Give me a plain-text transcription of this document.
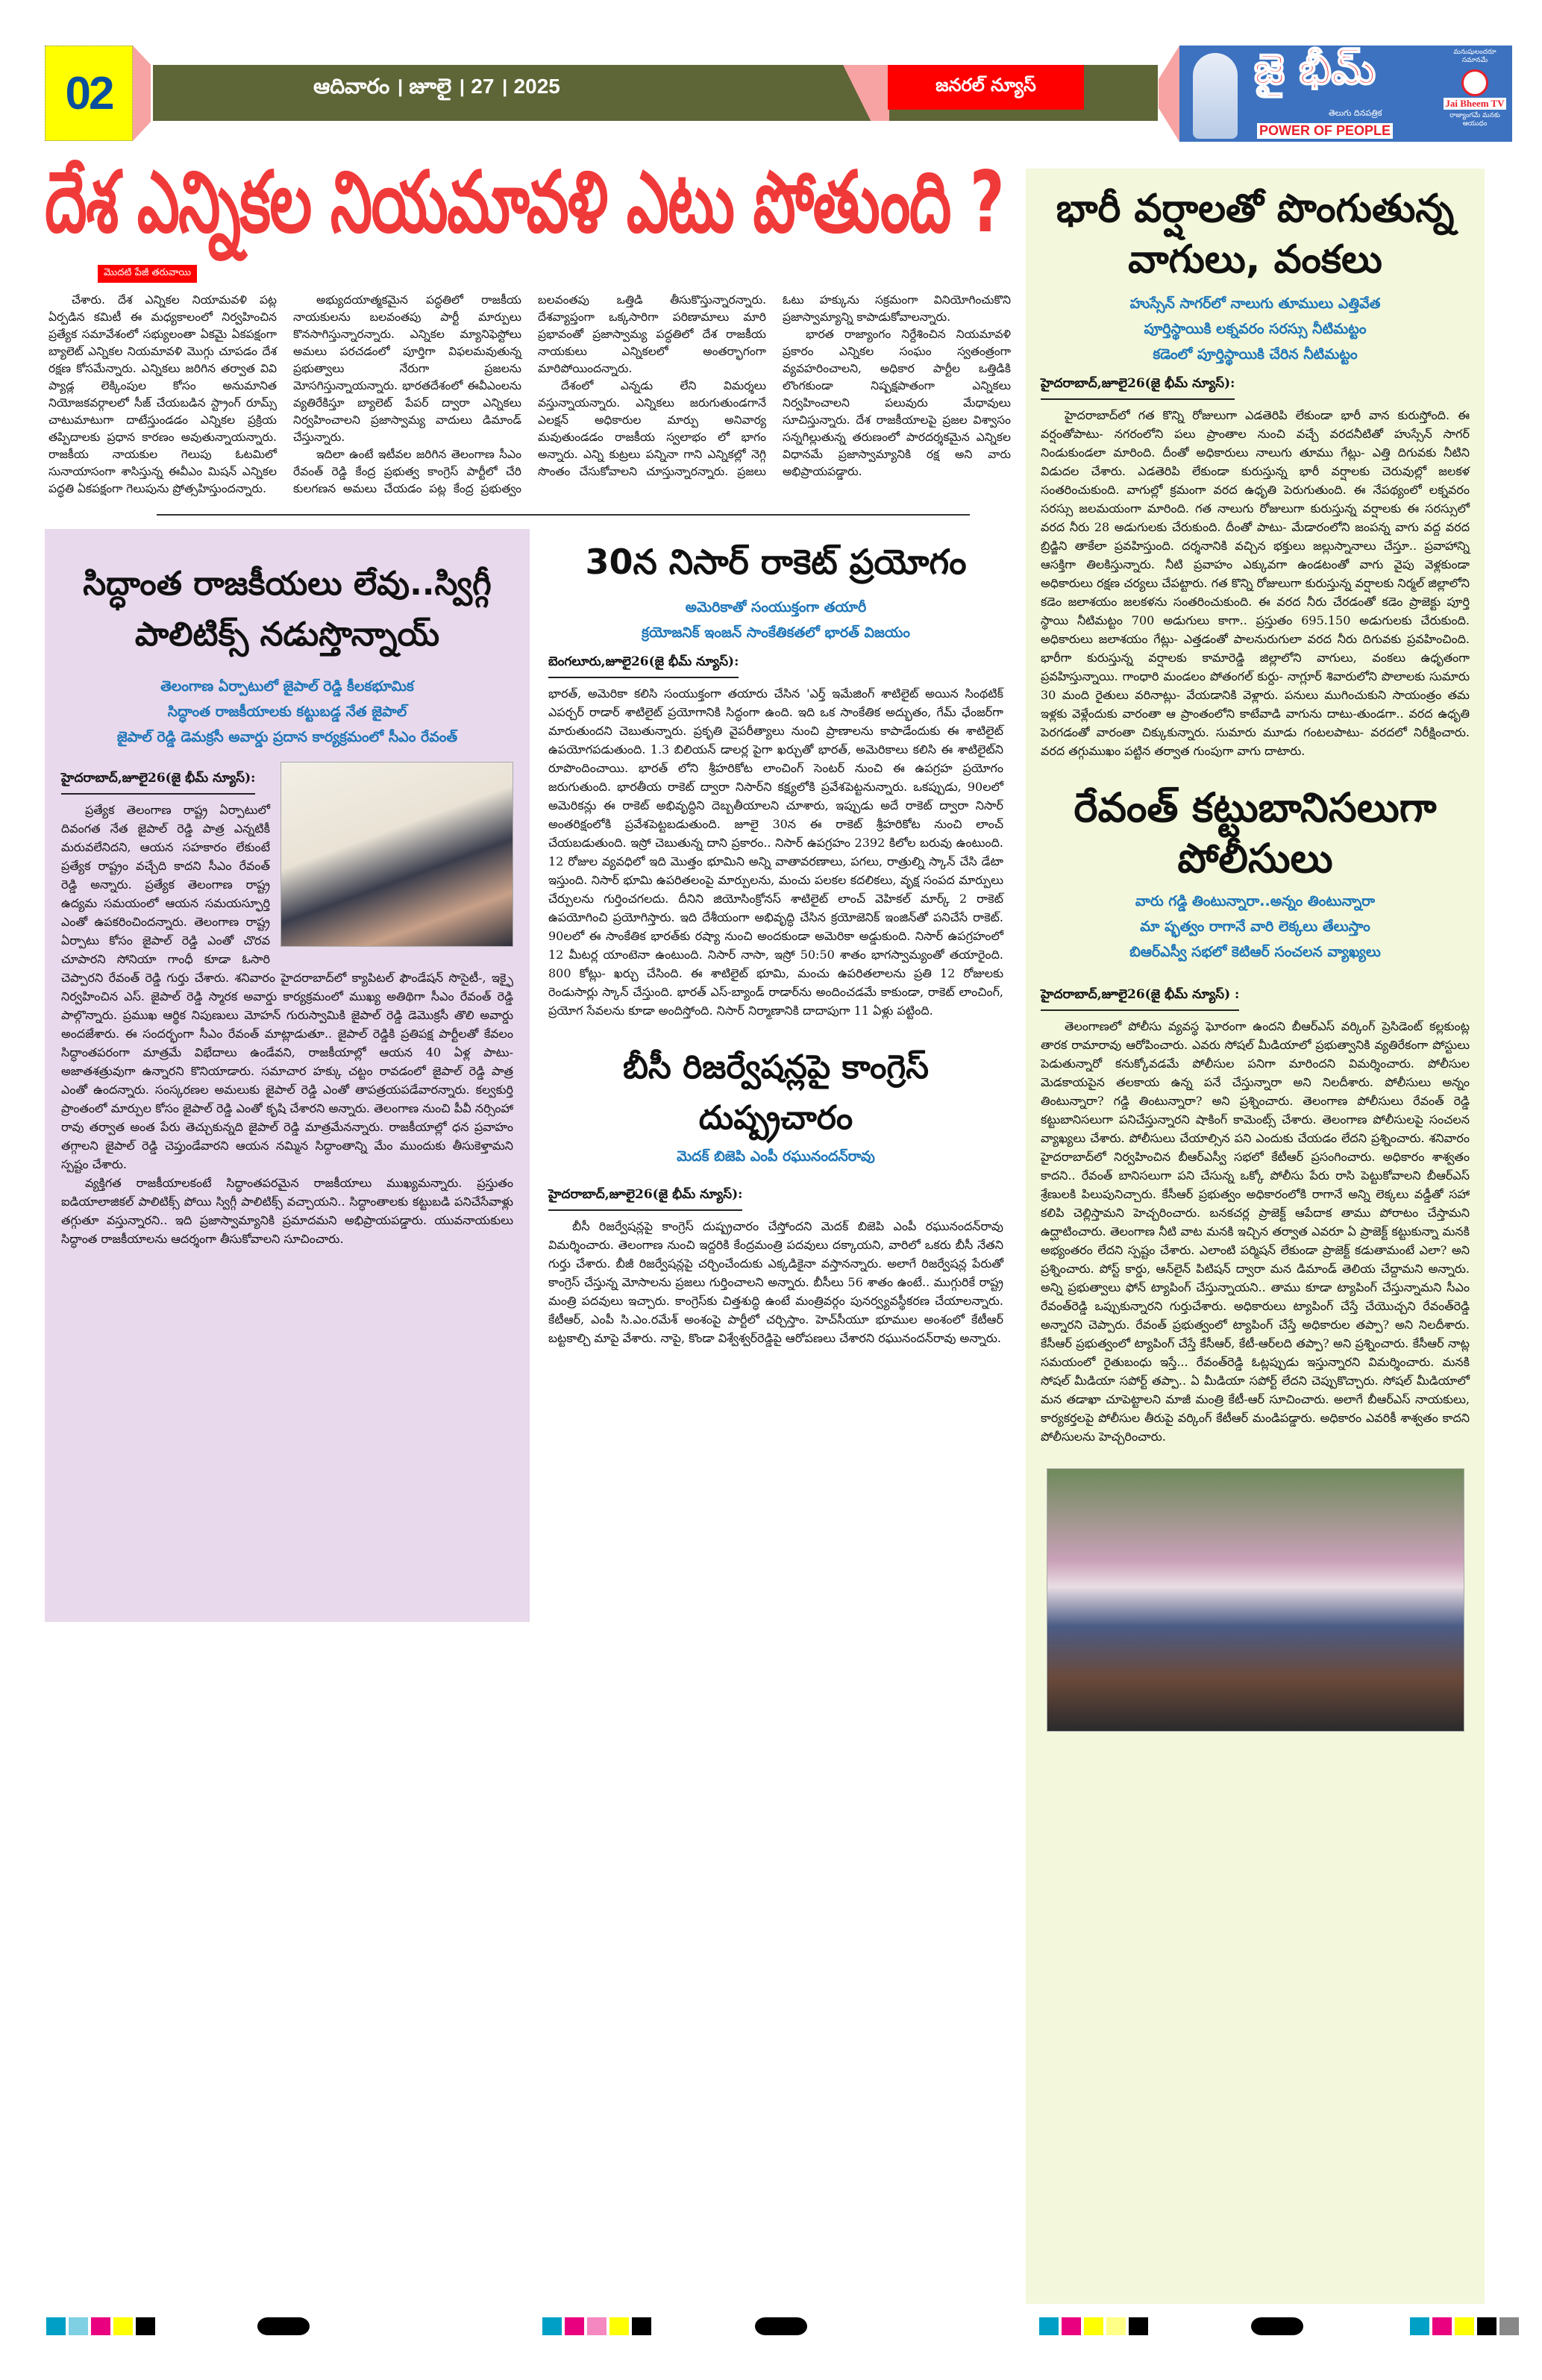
02	ఆదివారం । జూలై । 27 । 2025	జనరల్ న్యూస్	జై భీమ్
తెలుగు దినపత్రిక
POWER OF PEOPLE
మనుషులందరూ సమానమే
Jai Bheem TV
రాజ్యాంగమే మనకు ఆయుధం
దేశ ఎన్నికల నియమావళి ఎటు పోతుంది ?
మొదటి పేజీ తరువాయి

చేశారు. దేశ ఎన్నికల నియామవళి పట్ల ఏర్పడిన కమిటీ ఈ మధ్యకాలంలో నిర్వహించిన ప్రత్యేక సమావేశంలో సభ్యులంతా ఏకమై ఏకపక్షంగా బ్యాలెట్ ఎన్నికల నియమావళి మొగ్గు చూపడం దేశ రక్షణ కోసమేన్నారు. ఎన్నికలు జరిగిన తర్వాత వివి ప్యాడ్ల లెక్కింపుల కోసం అనుమానిత నియోజకవర్గాలలో సీజ్ చేయబడిన స్ట్రాంగ్ రూమ్స్ చాటుమాటుగా దాటేస్తుండడం ఎన్నికల ప్రక్రియ తప్పిదాలకు ప్రధాన కారణం అవుతున్నాయన్నారు. రాజకీయ నాయకుల గెలుపు ఓటమిలో సునాయాసంగా శాసిస్తున్న ఈవీఎం మిషన్ ఎన్నికల పద్ధతి ఏకపక్షంగా గెలుపును ప్రోత్సహిస్తుందన్నారు.

అభ్యుదయాత్మకమైన పద్ధతిలో రాజకీయ నాయకులను బలవంతపు పార్టీ మార్పులు కొనసాగిస్తున్నారన్నారు. ఎన్నికల మ్యానిఫెస్టోలు అమలు పరచడంలో పూర్తిగా విఫలమవుతున్న ప్రభుత్వాలు నేరుగా ప్రజలను మోసగిస్తున్నాయన్నారు. భారతదేశంలో ఈవీఎంలను వ్యతిరేకిస్తూ బ్యాలెట్ పేపర్ ద్వారా ఎన్నికలు నిర్వహించాలని ప్రజాస్వామ్య వాదులు డిమాండ్ చేస్తున్నారు.

ఇదిలా ఉంటే ఇటీవల జరిగిన తెలంగాణ సీఎం రేవంత్ రెడ్డి కేంద్ర ప్రభుత్వ కాంగ్రెస్ పార్టీలో చేరి కులగణన అమలు చేయడం పట్ల కేంద్ర ప్రభుత్వం బలవంతపు ఒత్తిడి తీసుకొస్తున్నారన్నారు. దేశవ్యాప్తంగా ఒక్కసారిగా పరిణామాలు మారి ప్రభావంతో ప్రజాస్వామ్య పద్ధతిలో దేశ రాజకీయ నాయకులు ఎన్నికలలో అంతర్భాగంగా మారిపోయిందన్నారు.

దేశంలో ఎన్నడు లేని విమర్శలు వస్తున్నాయన్నారు. ఎన్నికలు జరుగుతుండగానే ఎలక్షన్ అధికారుల మార్పు అనివార్య మవుతుండడం రాజకీయ స్వలాభం లో భాగం అన్నారు. ఎన్ని కుట్రలు పన్నినా గాని ఎన్నికల్లో నెగ్గి సొంతం చేసుకోవాలని చూస్తున్నారన్నారు. ప్రజలు ఓటు హక్కును సక్రమంగా వినియోగించుకొని ప్రజాస్వామ్యాన్ని కాపాడుకోవాలన్నారు.

భారత రాజ్యాంగం నిర్దేశించిన నియమావళి ప్రకారం ఎన్నికల సంఘం స్వతంత్రంగా వ్యవహరించాలని, అధికార పార్టీల ఒత్తిడికి లొంగకుండా నిష్పక్షపాతంగా ఎన్నికలు నిర్వహించాలని పలువురు మేధావులు సూచిస్తున్నారు. దేశ రాజకీయాలపై ప్రజల విశ్వాసం సన్నగిల్లుతున్న తరుణంలో పారదర్శకమైన ఎన్నికల విధానమే ప్రజాస్వామ్యానికి రక్ష అని వారు అభిప్రాయపడ్డారు.

సిద్ధాంత రాజకీయలు లేవు..స్విగ్గీ పాలిటిక్స్ నడుస్తొన్నాయ్
తెలంగాణ ఏర్పాటులో జైపాల్ రెడ్డి కీలకభూమిక
సిద్ధాంత రాజకీయాలకు కట్టుబడ్డ నేత జైపాల్
జైపాల్ రెడ్డి డెమక్రసీ అవార్డు ప్రదాన కార్యక్రమంలో సీఎం రేవంత్
హైదరాబాద్,జూలై26(జై భీమ్ న్యూస్):

ప్రత్యేక తెలంగాణ రాష్ట్ర ఏర్పాటులో దివంగత నేత జైపాల్ రెడ్డి పాత్ర ఎన్నటికీ మరువలేనిదని, ఆయన సహకారం లేకుంటే ప్రత్యేక రాష్ట్రం వచ్చేది కాదని సీఎం రేవంత్ రెడ్డి అన్నారు. ప్రత్యేక తెలంగాణ రాష్ట్ర ఉద్యమ సమయంలో ఆయన సమయస్ఫూర్తి ఎంతో ఉపకరించిందన్నారు. తెలంగాణ రాష్ట్ర ఏర్పాటు కోసం జైపాల్ రెడ్డి ఎంతో చొరవ చూపారని సోనియా గాంధీ కూడా ఓసారి చెప్పారని రేవంత్ రెడ్డి గుర్తు చేశారు. శనివారం హైదరాబాద్‌లో క్యాపిటల్ ఫౌండేషన్ సొసైటీ-, ఇక్ఫై నిర్వహించిన ఎస్. జైపాల్ రెడ్డి స్మారక అవార్డు కార్యక్రమంలో ముఖ్య అతిథిగా సీఎం రేవంత్ రెడ్డి పాల్గొన్నారు. ప్రముఖ ఆర్థిక నిపుణులు మోహన్ గురుస్వామికి జైపాల్ రెడ్డి డెమొక్రసీ తొలి అవార్డు అందజేశారు. ఈ సందర్భంగా సీఎం రేవంత్ మాట్లాడుతూ.. జైపాల్ రెడ్డికి ప్రతిపక్ష పార్టీలతో కేవలం సిద్ధాంతపరంగా మాత్రమే విభేదాలు ఉండేవని, రాజకీయాల్లో ఆయన 40 ఏళ్ల పాటు- అజాతశత్రువుగా ఉన్నారని కొనియాడారు. సమాచార హక్కు చట్టం రావడంలో జైపాల్ రెడ్డి పాత్ర ఎంతో ఉందన్నారు. సంస్కరణల అమలుకు జైపాల్ రెడ్డి ఎంతో తాపత్రయపడేవారన్నారు. కల్వకుర్తి ప్రాంతంలో మార్పుల కోసం జైపాల్ రెడ్డి ఎంతో కృషి చేశారని అన్నారు. తెలంగాణ నుంచి పీవీ నర్సింహా రావు తర్వాత అంత పేరు తెచ్చుకున్నది జైపాల్ రెడ్డి మాత్రమేనన్నారు. రాజకీయాల్లో ధన ప్రవాహం తగ్గాలని జైపాల్ రెడ్డి చెప్తుండేవారని ఆయన నమ్మిన సిద్ధాంతాన్ని మేం ముందుకు తీసుకెళ్తామని స్పష్టం చేశారు.

వ్యక్తిగత రాజకీయాలకంటే సిద్ధాంతపరమైన రాజకీయాలు ముఖ్యమన్నారు. ప్రస్తుతం ఐడియాలాజికల్ పాలిటిక్స్ పోయి స్విగ్గీ పాలిటిక్స్ వచ్చాయని.. సిద్ధాంతాలకు కట్టుబడి పనిచేసేవాళ్లు తగ్గుతూ వస్తున్నారని.. ఇది ప్రజాస్వామ్యానికి ప్రమాదమని అభిప్రాయపడ్డారు. యువనాయకులు సిద్ధాంత రాజకీయాలను ఆదర్శంగా తీసుకోవాలని సూచించారు.

30న నిసార్ రాకెట్ ప్రయోగం
అమెరికాతో సంయుక్తంగా తయారీ
క్రయోజనిక్ ఇంజన్ సాంకేతికతలో భారత్ విజయం
బెంగలూరు,జూలై26(జై భీమ్ న్యూస్):

భారత్, అమెరికా కలిసి సంయుక్తంగా తయారు చేసిన 'ఎర్త్ ఇమేజింగ్ శాటిలైట్ అయిన సింథటిక్ ఎపర్చర్ రాడార్ శాటిలైట్ ప్రయోగానికి సిద్ధంగా ఉంది. ఇది ఒక సాంకేతిక అద్భుతం, గేమ్ ఛేంజర్‌గా మారుతుందని చెబుతున్నారు. ప్రకృతి వైపరీత్యాలు నుంచి ప్రాణాలను కాపాడేందుకు ఈ శాటిలైట్ ఉపయోగపడుతుంది. 1.3 బిలియన్ డాలర్ల పైగా ఖర్చుతో భారత్, అమెరికాలు కలిసి ఈ శాటిలైట్‌ని రూపొందించాయి. భారత్ లోని శ్రీహరికోట లాంచింగ్ సెంటర్ నుంచి ఈ ఉపగ్రహ ప్రయోగం జరుగుతుంది. భారతీయ రాకెట్ ద్వారా నిసార్‌ని కక్ష్యలోకి ప్రవేశపెట్టనున్నారు. ఒకప్పుడు, 90లలో అమెరికన్లు ఈ రాకెట్ అభివృద్ధిని దెబ్బతీయాలని చూశారు, ఇప్పుడు అదే రాకెట్ ద్వారా నిసార్ అంతరిక్షంలోకి ప్రవేశపెట్టబడుతుంది. జూలై 30న ఈ రాకెట్ శ్రీహరికోట నుంచి లాంచ్ చేయబడుతుంది. ఇస్రో చెబుతున్న దాని ప్రకారం.. నిసార్ ఉపగ్రహం 2392 కిలోల బరువు ఉంటుంది. 12 రోజుల వ్యవధిలో ఇది మొత్తం భూమిని అన్ని వాతావరణాలు, పగలు, రాత్రుల్ని స్కాన్ చేసి డేటా ఇస్తుంది. నిసార్ భూమి ఉపరితలంపై మార్పులను, మంచు పలకల కదలికలు, వృక్ష సంపద మార్పులు చేర్పులను గుర్తించగలదు. దీనిని జియోసింక్రోనస్ శాటిలైట్ లాంచ్ వెహికల్ మార్క్ 2 రాకెట్ ఉపయోగించి ప్రయోగిస్తారు. ఇది దేశీయంగా అభివృద్ధి చేసిన క్రయోజెనిక్ ఇంజిన్‌తో పనిచేసే రాకెట్. 90లలో ఈ సాంకేతిక భారత్‌కు రష్యా నుంచి అందకుండా అమెరికా అడ్డుకుంది. నిసార్ ఉపగ్రహంలో 12 మీటర్ల యాంటెనా ఉంటుంది. నిసార్ నాసా, ఇస్రో 50:50 శాతం భాగస్వామ్యంతో తయారైంది. 800 కోట్లు- ఖర్చు చేసింది. ఈ శాటిలైట్ భూమి, మంచు ఉపరితలాలను ప్రతి 12 రోజులకు రెండుసార్లు స్కాన్ చేస్తుంది. భారత్ ఎస్-బ్యాండ్ రాడార్‌ను అందించడమే కాకుండా, రాకెట్ లాంచింగ్, ప్రయోగ సేవలను కూడా అందిస్తోంది. నిసార్ నిర్మాణానికి దాదాపుగా 11 ఏళ్లు పట్టింది.

బీసీ రిజర్వేషన్లపై కాంగ్రెస్ దుష్ప్రచారం
మెదక్ బిజెపి ఎంపీ రఘునందన్‌రావు
హైదరాబాద్,జూలై26(జై భీమ్ న్యూస్):

బీసీ రిజర్వేషన్లపై కాంగ్రెస్ దుష్ప్రచారం చేస్తోందని మెదక్ బిజెపి ఎంపీ రఘునందన్‌రావు విమర్శించారు. తెలంగాణ నుంచి ఇద్దరికి కేంద్రమంత్రి పదవులు దక్కాయని, వారిలో ఒకరు బీసీ నేతని గుర్తు చేశారు. బీజీ రిజర్వేషన్లపై చర్చించేందుకు ఎక్కడికైనా వస్తానన్నారు. అలాగే రిజర్వేషన్ల పేరుతో కాంగ్రెస్ చేస్తున్న మోసాలను ప్రజలు గుర్తించాలని అన్నారు. బీసీలు 56 శాతం ఉంటే.. ముగ్గురికే రాష్ట్ర మంత్రి పదవులు ఇచ్చారు. కాంగ్రెస్‌కు చిత్తశుద్ధి ఉంటే మంత్రివర్గం పునర్వ్యవస్థీకరణ చేయాలన్నారు. కేటీఆర్, ఎంపీ సి.ఎం.రమేశ్ అంశంపై పార్టీలో చర్చిస్తాం. హెచ్‌సీయూ భూముల అంశంలో కేటీఆర్ బట్టకాల్చి మాపై వేశారు. నాపై, కొండా విశ్వేశ్వర్‌రెడ్డిపై ఆరోపణలు చేశారని రఘునందన్‌రావు అన్నారు.

భారీ వర్షాలతో పొంగుతున్న వాగులు, వంకలు
హుస్సేన్ సాగర్‌లో నాలుగు తూములు ఎత్తివేత
పూర్తిస్థాయికి లక్నవరం సరస్సు నీటిమట్టం
కడెంలో పూర్తిస్థాయికి చేరిన నీటిమట్టం
హైదరాబాద్,జూలై26(జై భీమ్ న్యూస్):

హైదరాబాద్‌లో గత కొన్ని రోజులుగా ఎడతెరిపి లేకుండా భారీ వాన కురుస్తోంది. ఈ వర్షంతోపాటు- నగరంలోని పలు ప్రాంతాల నుంచి వచ్చే వరదనీటితో హుస్సేన్ సాగర్ నిండుకుండలా మారింది. దీంతో అధికారులు నాలుగు తూము గేట్లు- ఎత్తి దిగువకు నీటిని విడుదల చేశారు. ఎడతెరిపి లేకుండా కురుస్తున్న భారీ వర్షాలకు చెరువుల్లో జలకళ సంతరించుకుంది. వాగుల్లో క్రమంగా వరద ఉధృతి పెరుగుతుంది. ఈ నేపథ్యంలో లక్నవరం సరస్సు జలమయంగా మారింది. గత నాలుగు రోజులుగా కురుస్తున్న వర్షాలకు ఈ సరస్సులో వరద నీరు 28 అడుగులకు చేరుకుంది. దీంతో పాటు- మేడారంలోని జంపన్న వాగు వద్ద వరద బ్రిడ్జిని తాకేలా ప్రవహిస్తుంది. దర్శనానికి వచ్చిన భక్తులు జల్లుస్నానాలు చేస్తూ.. ప్రవాహాన్ని ఆసక్తిగా తిలకిస్తున్నారు. నీటి ప్రవాహం ఎక్కువగా ఉండటంతో వాగు వైపు వెళ్లకుండా అధికారులు రక్షణ చర్యలు చేపట్టారు. గత కొన్ని రోజులుగా కురుస్తున్న వర్షాలకు నిర్మల్ జిల్లాలోని కడెం జలాశయం జలకళను సంతరించుకుంది. ఈ వరద నీరు చేరడంతో కడెం ప్రాజెక్టు పూర్తి స్థాయి నీటిమట్టం 700 అడుగులు కాగా.. ప్రస్తుతం 695.150 అడుగులకు చేరుకుంది. అధికారులు జలాశయం గేట్లు- ఎత్తడంతో పాలనురుగులా వరద నీరు దిగువకు ప్రవహించింది. భారీగా కురుస్తున్న వర్షాలకు కామారెడ్డి జిల్లాలోని వాగులు, వంకలు ఉధృతంగా ప్రవహిస్తున్నాయి. గాంధారి మండలం పోతంగల్ కుర్దు- నాగ్లూర్ శివారులోని పొలాలకు సుమారు 30 మంది రైతులు వరినాట్లు- వేయడానికి వెళ్లారు. పనులు ముగించుకుని సాయంత్రం తమ ఇళ్లకు వెళ్లేందుకు వారంతా ఆ ప్రాంతంలోని కాటేవాడి వాగును దాటు-తుండగా.. వరద ఉధృతి పెరగడంతో వారంతా చిక్కుకున్నారు. సుమారు మూడు గంటలపాటు- వరదలో నిరీక్షించారు. వరద తగ్గుముఖం పట్టిన తర్వాత గుంపుగా వాగు దాటారు.

రేవంత్ కట్టుబానిసలుగా పోలీసులు
వారు గడ్డి తింటున్నారా..అన్నం తింటున్నారా
మా ప్భత్వం రాగానే వారి లెక్కలు తేలుస్తాం
బిఆర్ఎస్వీ సభలో కెటిఆర్ సంచలన వ్యాఖ్యలు
హైదరాబాద్,జూలై26(జై భీమ్ న్యూస్) :

తెలంగాణలో పోలీసు వ్యవస్థ ఘోరంగా ఉందని బీఆర్ఎస్ వర్కింగ్ ప్రెసిడెంట్ కల్లకుంట్ల తారక రామారావు ఆరోపించారు. ఎవరు సోషల్ మీడియాలో ప్రభుత్వానికి వ్యతిరేకంగా పోస్టులు పెడుతున్నారో కనుక్కోవడమే పోలీసుల పనిగా మారిందని విమర్శించారు. పోలీసుల మెడకాయపైన తలకాయ ఉన్న పనే చేస్తున్నారా అని నిలదీశారు. పోలీసులు అన్నం తింటున్నారా? గడ్డి తింటున్నారా? అని ప్రశ్నించారు. తెలంగాణ పోలీసులు రేవంత్ రెడ్డి కట్టుబానిసలుగా పనిచేస్తున్నారని షాకింగ్ కామెంట్స్ చేశారు. తెలంగాణ పోలీసులపై సంచలన వ్యాఖ్యలు చేశారు. పోలీసులు చేయాల్సిన పని ఎందుకు చేయడం లేదని ప్రశ్నించారు. శనివారం హైదరాబాద్‌లో నిర్వహించిన బీఆర్ఎస్వీ సభలో కేటీఆర్ ప్రసంగించారు. అధికారం శాశ్వతం కాదని.. రేవంత్ బానిసలుగా పని చేసున్న ఒక్కో పోలీసు పేరు రాసి పెట్టుకోవాలని బీఆర్ఎస్ శ్రేణులకి పిలుపునిచ్చారు. కేసీఆర్ ప్రభుత్వం అధికారంలోకి రాగానే అన్ని లెక్కలు వడ్డీతో సహా కలిపి చెల్లిస్తామని హెచ్చరించారు. బనకచర్ల ప్రాజెక్ట్ ఆపేదాక తాము పోరాటం చేస్తామని ఉద్ఘాటించారు. తెలంగాణ నీటి వాట మనకి ఇచ్చిన తర్వాత ఎవరూ ఏ ప్రాజెక్ట్ కట్టుకున్నా మనకి అభ్యంతరం లేదని స్పష్టం చేశారు. ఎలాంటి పర్మిషన్ లేకుండా ప్రాజెక్ట్ కడుతామంటే ఎలా? అని ప్రశ్నించారు. పోస్ట్ కార్డు, ఆన్‌లైన్ పిటిషన్ ద్వారా మన డిమాండ్ తెలియ చేద్దామని అన్నారు. అన్ని ప్రభుత్వాలు ఫోన్ ట్యాపింగ్ చేస్తున్నాయని.. తాము కూడా ట్యాపింగ్ చేస్తున్నామని సీఎం రేవంత్‌రెడ్డి ఒప్పుకున్నారని గుర్తుచేశారు. అధికారులు ట్యాపింగ్ చేస్తే చేయొచ్చని రేవంత్‌రెడ్డి అన్నారని చెప్పారు. రేవంత్ ప్రభుత్వంలో ట్యాపింగ్ చేస్తే అధికారుల తప్పా? అని నిలదీశారు. కేసీఆర్ ప్రభుత్వంలో ట్యాపింగ్ చేస్తే కేసీఆర్, కేటీ-ఆర్‌లది తప్పా? అని ప్రశ్నించారు. కేసీఆర్ నాట్ల సమయంలో రైతుబంధు ఇస్తే... రేవంత్‌రెడ్డి ఓట్లప్పుడు ఇస్తున్నారని విమర్శించారు. మనకి సోషల్ మీడియా సపోర్ట్ తప్పా.. ఏ మీడియా సపోర్ట్ లేదని చెప్పుకొచ్చారు. సోషల్ మీడియాలో మన తడాఖా చూపెట్టాలని మాజీ మంత్రి కేటీ-ఆర్ సూచించారు. అలాగే బీఆర్ఎస్ నాయకులు, కార్యకర్తలపై పోలీసుల తీరుపై వర్కింగ్ కేటీఆర్ మండిపడ్డారు. అధికారం ఎవరికీ శాశ్వతం కాదని పోలీసులను హెచ్చరించారు.
